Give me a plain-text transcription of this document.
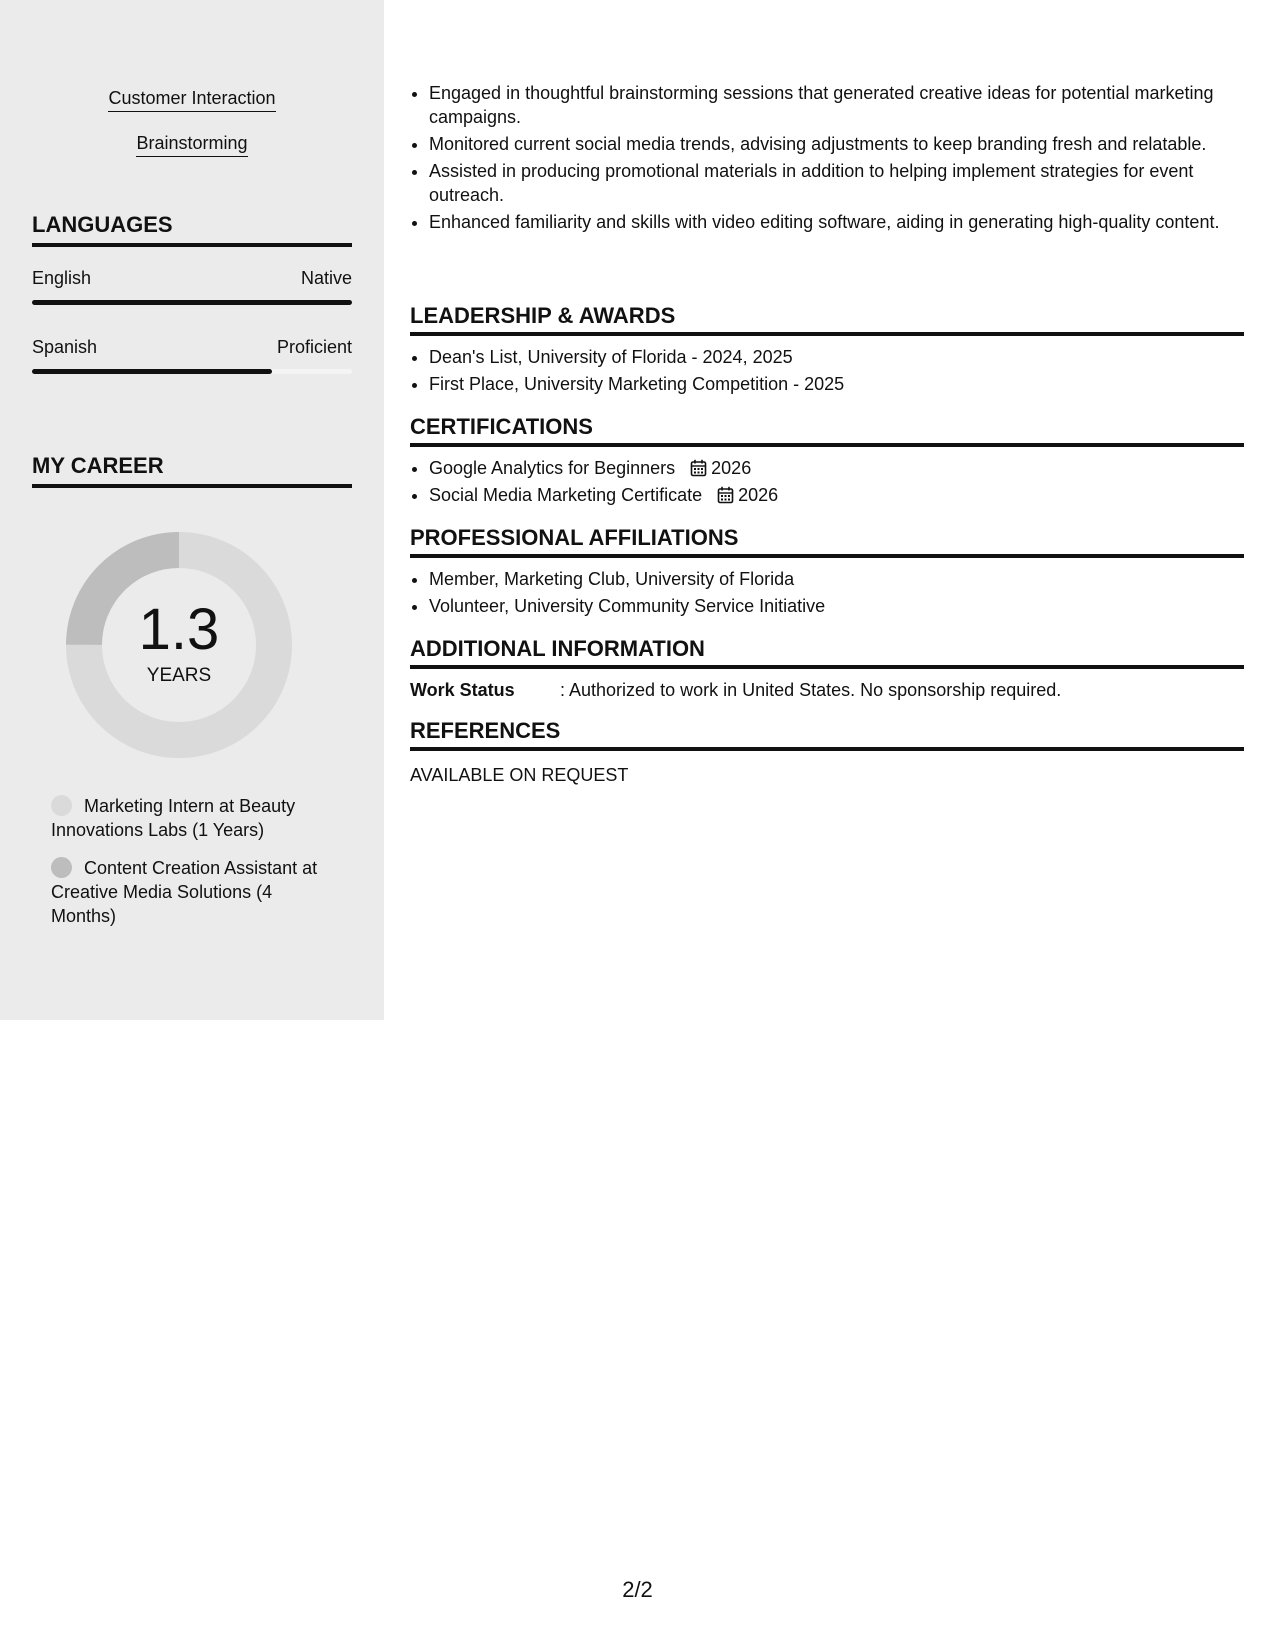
Customer Interaction
Brainstorming
LANGUAGES
English	Native
Spanish	Proficient
MY CAREER
1.3
YEARS
Marketing Intern at Beauty Innovations Labs (1 Years)
Content Creation Assistant at Creative Media Solutions (4 Months)
• Engaged in thoughtful brainstorming sessions that generated creative ideas for potential marketing campaigns.
• Monitored current social media trends, advising adjustments to keep branding fresh and relatable.
• Assisted in producing promotional materials in addition to helping implement strategies for event outreach.
• Enhanced familiarity and skills with video editing software, aiding in generating high-quality content.
LEADERSHIP & AWARDS
• Dean's List, University of Florida - 2024, 2025
• First Place, University Marketing Competition - 2025
CERTIFICATIONS
• Google Analytics for Beginners 2026
• Social Media Marketing Certificate 2026
PROFESSIONAL AFFILIATIONS
• Member, Marketing Club, University of Florida
• Volunteer, University Community Service Initiative
ADDITIONAL INFORMATION
Work Status	: Authorized to work in United States. No sponsorship required.
REFERENCES
AVAILABLE ON REQUEST
2/2
